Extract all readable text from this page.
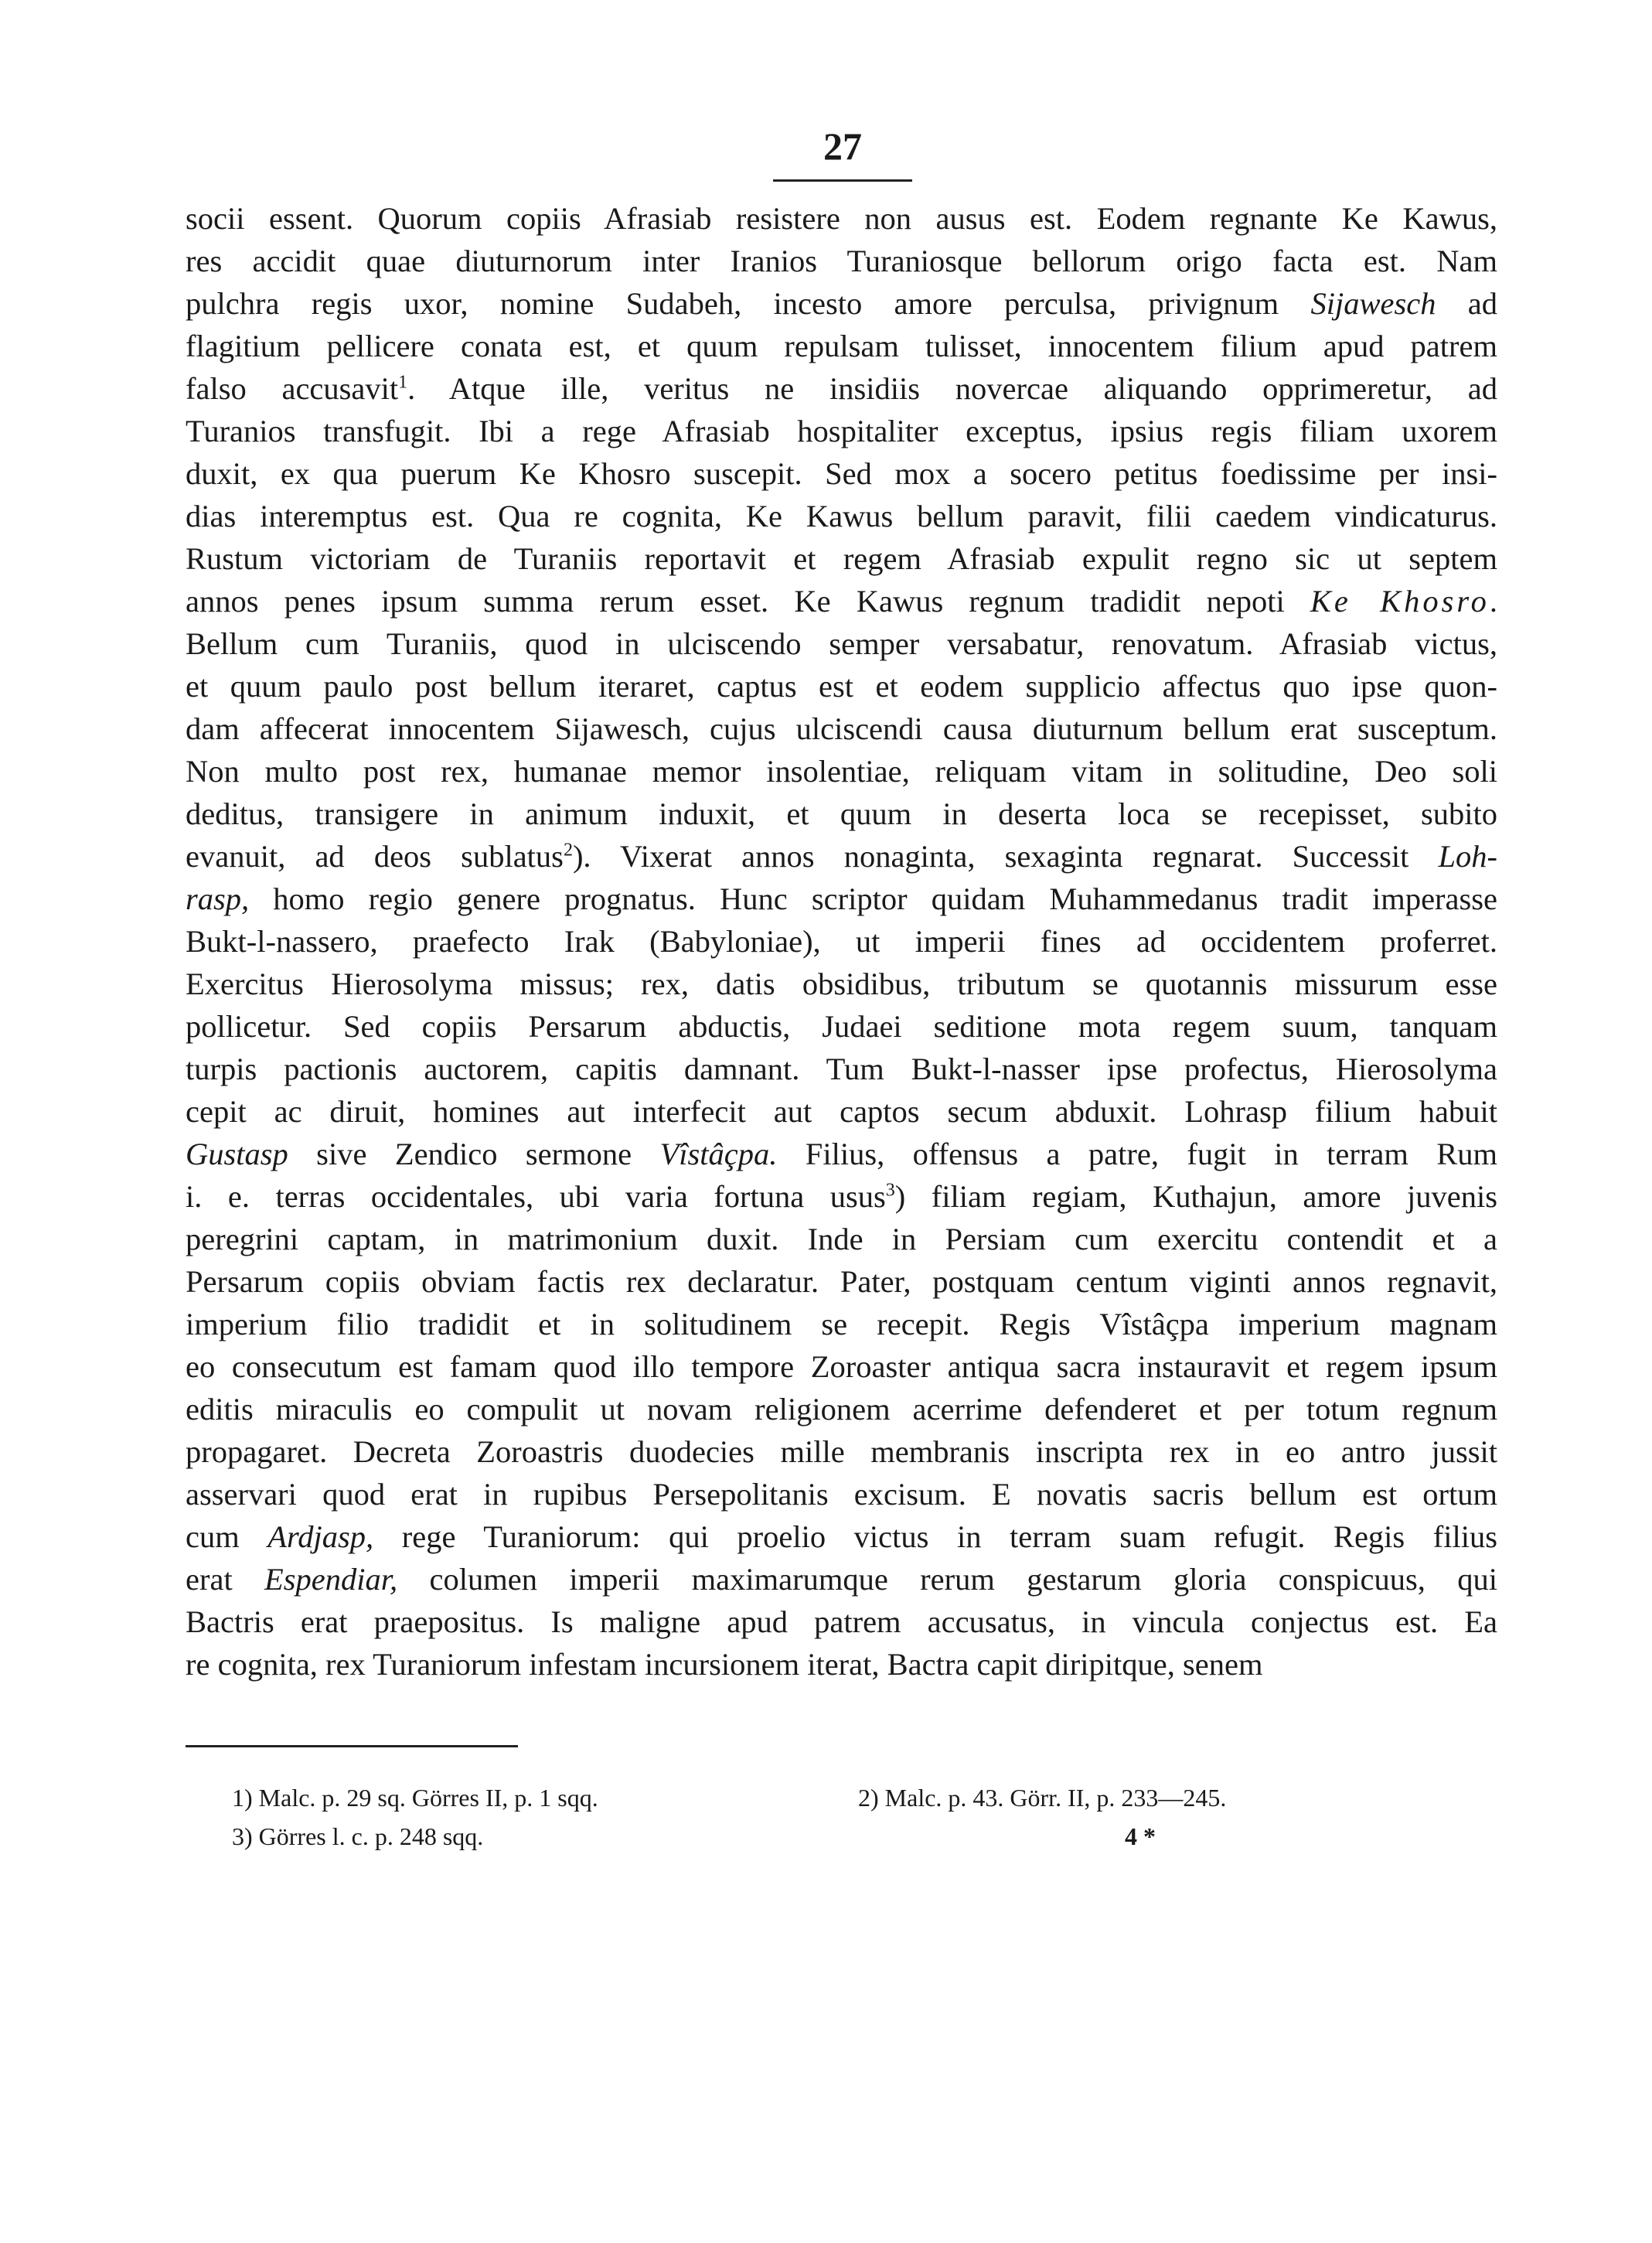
27
socii essent. Quorum copiis Afrasiab resistere non ausus est. Eodem regnante Ke Kawus,
res accidit quae diuturnorum inter Iranios Turaniosque bellorum origo facta est. Nam
pulchra regis uxor, nomine Sudabeh, incesto amore perculsa, privignum Sijawesch ad
flagitium pellicere conata est, et quum repulsam tulisset, innocentem filium apud patrem
falso accusavit$^1$. Atque ille, veritus ne insidiis novercae aliquando opprimeretur, ad
Turanios transfugit. Ibi a rege Afrasiab hospitaliter exceptus, ipsius regis filiam uxorem
duxit, ex qua puerum Ke Khosro suscepit. Sed mox a socero petitus foedissime per insi-
dias interemptus est. Qua re cognita, Ke Kawus bellum paravit, filii caedem vindicaturus.
Rustum victoriam de Turaniis reportavit et regem Afrasiab expulit regno sic ut septem
annos penes ipsum summa rerum esset. Ke Kawus regnum tradidit nepoti Ke Khosro.
Bellum cum Turaniis, quod in ulciscendo semper versabatur, renovatum. Afrasiab victus,
et quum paulo post bellum iteraret, captus est et eodem supplicio affectus quo ipse quon-
dam affecerat innocentem Sijawesch, cujus ulciscendi causa diuturnum bellum erat susceptum.
Non multo post rex, humanae memor insolentiae, reliquam vitam in solitudine, Deo soli
deditus, transigere in animum induxit, et quum in deserta loca se recepisset, subito
evanuit, ad deos sublatus$^2$). Vixerat annos nonaginta, sexaginta regnarat. Successit Loh-
rasp, homo regio genere prognatus. Hunc scriptor quidam Muhammedanus tradit imperasse
Bukt-l-nassero, praefecto Irak (Babyloniae), ut imperii fines ad occidentem proferret.
Exercitus Hierosolyma missus; rex, datis obsidibus, tributum se quotannis missurum esse
pollicetur. Sed copiis Persarum abductis, Judaei seditione mota regem suum, tanquam
turpis pactionis auctorem, capitis damnant. Tum Bukt-l-nasser ipse profectus, Hierosolyma
cepit ac diruit, homines aut interfecit aut captos secum abduxit. Lohrasp filium habuit
Gustasp sive Zendico sermone Vîstâçpa. Filius, offensus a patre, fugit in terram Rum
i. e. terras occidentales, ubi varia fortuna usus$^3$) filiam regiam, Kuthajun, amore juvenis
peregrini captam, in matrimonium duxit. Inde in Persiam cum exercitu contendit et a
Persarum copiis obviam factis rex declaratur. Pater, postquam centum viginti annos regnavit,
imperium filio tradidit et in solitudinem se recepit. Regis Vîstâçpa imperium magnam
eo consecutum est famam quod illo tempore Zoroaster antiqua sacra instauravit et regem ipsum
editis miraculis eo compulit ut novam religionem acerrime defenderet et per totum regnum
propagaret. Decreta Zoroastris duodecies mille membranis inscripta rex in eo antro jussit
asservari quod erat in rupibus Persepolitanis excisum. E novatis sacris bellum est ortum
cum Ardjasp, rege Turaniorum: qui proelio victus in terram suam refugit. Regis filius
erat Espendiar, columen imperii maximarumque rerum gestarum gloria conspicuus, qui
Bactris erat praepositus. Is maligne apud patrem accusatus, in vincula conjectus est. Ea
re cognita, rex Turaniorum infestam incursionem iterat, Bactra capit diripitque, senem
1) Malc. p. 29 sq. Görres II, p. 1 sqq.	2) Malc. p. 43. Görr. II, p. 233—245.
3) Görres l. c. p. 248 sqq.	4 *
